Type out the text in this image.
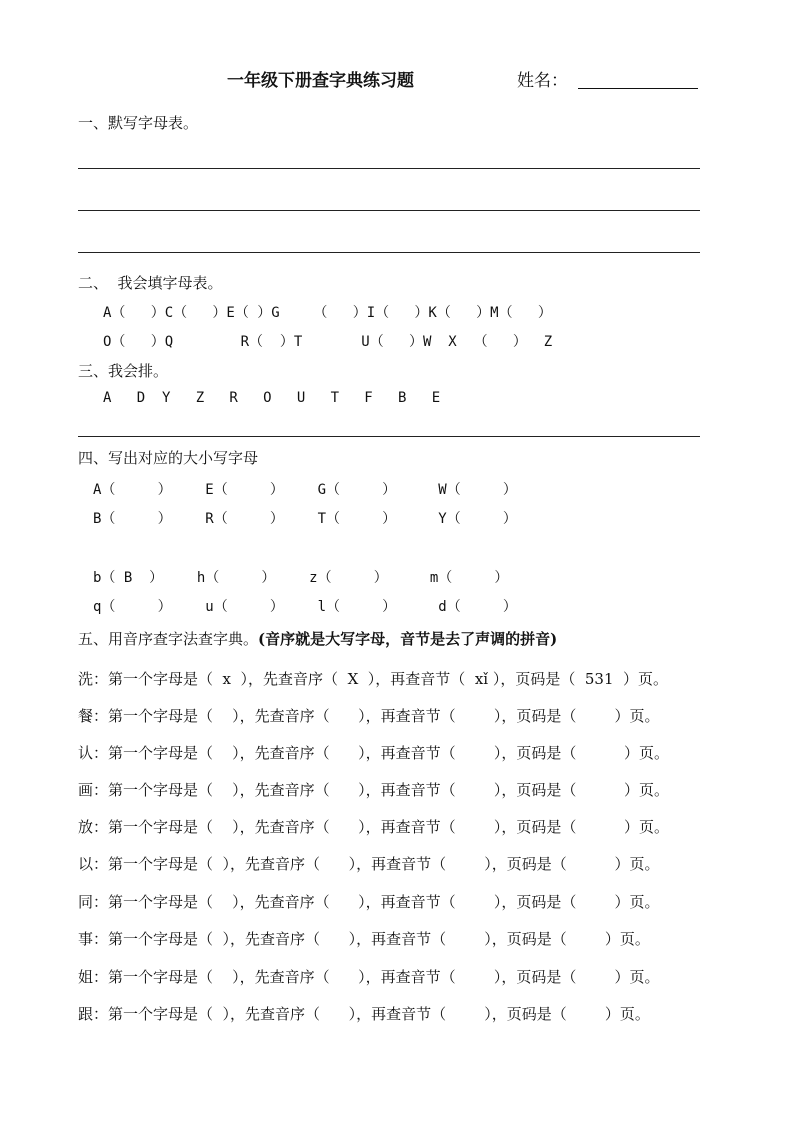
一年级下册查字典练习题	姓名：
一、默写字母表。
二、  我会填字母表。
A（   ）C（   ）E（ ）G    （   ）I（   ）K（   ）M（   ）
O（   ）Q        R（  ）T       U（   ）W  X  （   ）  Z
三、我会排。
A   D  Y   Z   R   O   U   T   F   B   E
四、写出对应的大小写字母
A（     ）    E（     ）    G（     ）     W（     ）
B（     ）    R（     ）    T（     ）     Y（     ）
b（ B  ）    h（     ）    z（     ）     m（     ）
q（     ）    u（     ）    l（     ）     d（     ）
五、用音序查字法查字典。(音序就是大写字母，音节是去了声调的拼音)
洗：第一个字母是（  x  ），先查音序（  X  ），再查音节（  xǐ ），页码是（  531  ）页。
餐：第一个字母是（    ），先查音序（      ），再查音节（        ），页码是（        ）页。
认：第一个字母是（    ），先查音序（      ），再查音节（        ），页码是（          ）页。
画：第一个字母是（    ），先查音序（      ），再查音节（        ），页码是（          ）页。
放：第一个字母是（    ），先查音序（      ），再查音节（        ），页码是（          ）页。
以：第一个字母是（  ），先查音序（      ），再查音节（        ），页码是（          ）页。
同：第一个字母是（    ），先查音序（      ），再查音节（        ），页码是（        ）页。
事：第一个字母是（  ），先查音序（      ），再查音节（        ），页码是（        ）页。
姐：第一个字母是（    ），先查音序（      ），再查音节（        ），页码是（        ）页。
跟：第一个字母是（  ），先查音序（      ），再查音节（        ），页码是（        ）页。
